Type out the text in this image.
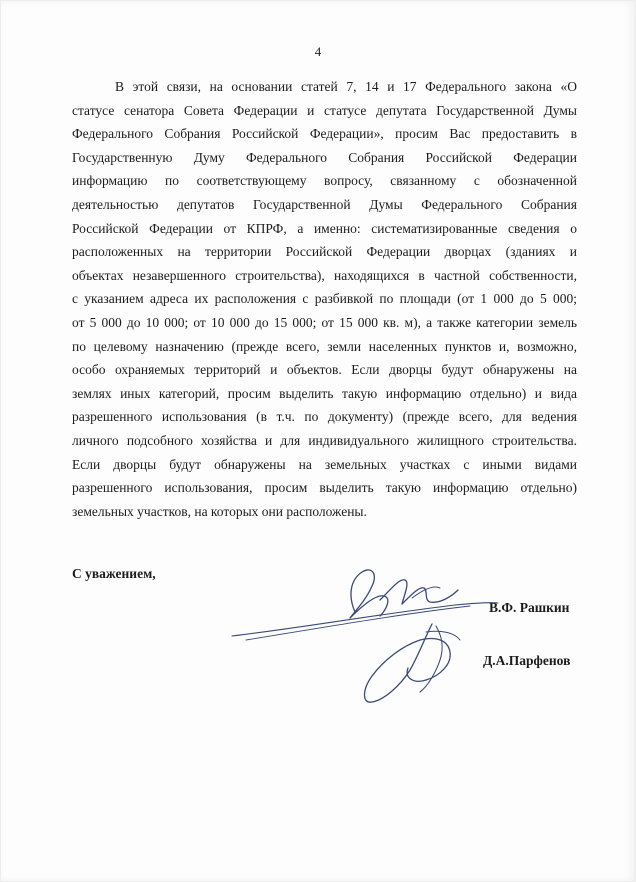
4
В этой связи, на основании статей 7, 14 и 17 Федерального закона «О
статусе сенатора Совета Федерации и статусе депутата Государственной Думы
Федерального Собрания Российской Федерации», просим Вас предоставить в
Государственную Думу Федерального Собрания Российской Федерации
информацию по соответствующему вопросу, связанному с обозначенной
деятельностью депутатов Государственной Думы Федерального Собрания
Российской Федерации от КПРФ, а именно: систематизированные сведения о
расположенных на территории Российской Федерации дворцах (зданиях и
объектах незавершенного строительства), находящихся в частной собственности,
с указанием адреса их расположения с разбивкой по площади (от 1 000 до 5 000;
от 5 000 до 10 000; от 10 000 до 15 000; от 15 000 кв. м), а также категории земель
по целевому назначению (прежде всего, земли населенных пунктов и, возможно,
особо охраняемых территорий и объектов. Если дворцы будут обнаружены на
землях иных категорий, просим выделить такую информацию отдельно) и вида
разрешенного использования (в т.ч. по документу) (прежде всего, для ведения
личного подсобного хозяйства и для индивидуального жилищного строительства.
Если дворцы будут обнаружены на земельных участках с иными видами
разрешенного использования, просим выделить такую информацию отдельно)
земельных участков, на которых они расположены.
С уважением,
В.Ф. Рашкин
Д.А.Парфенов
